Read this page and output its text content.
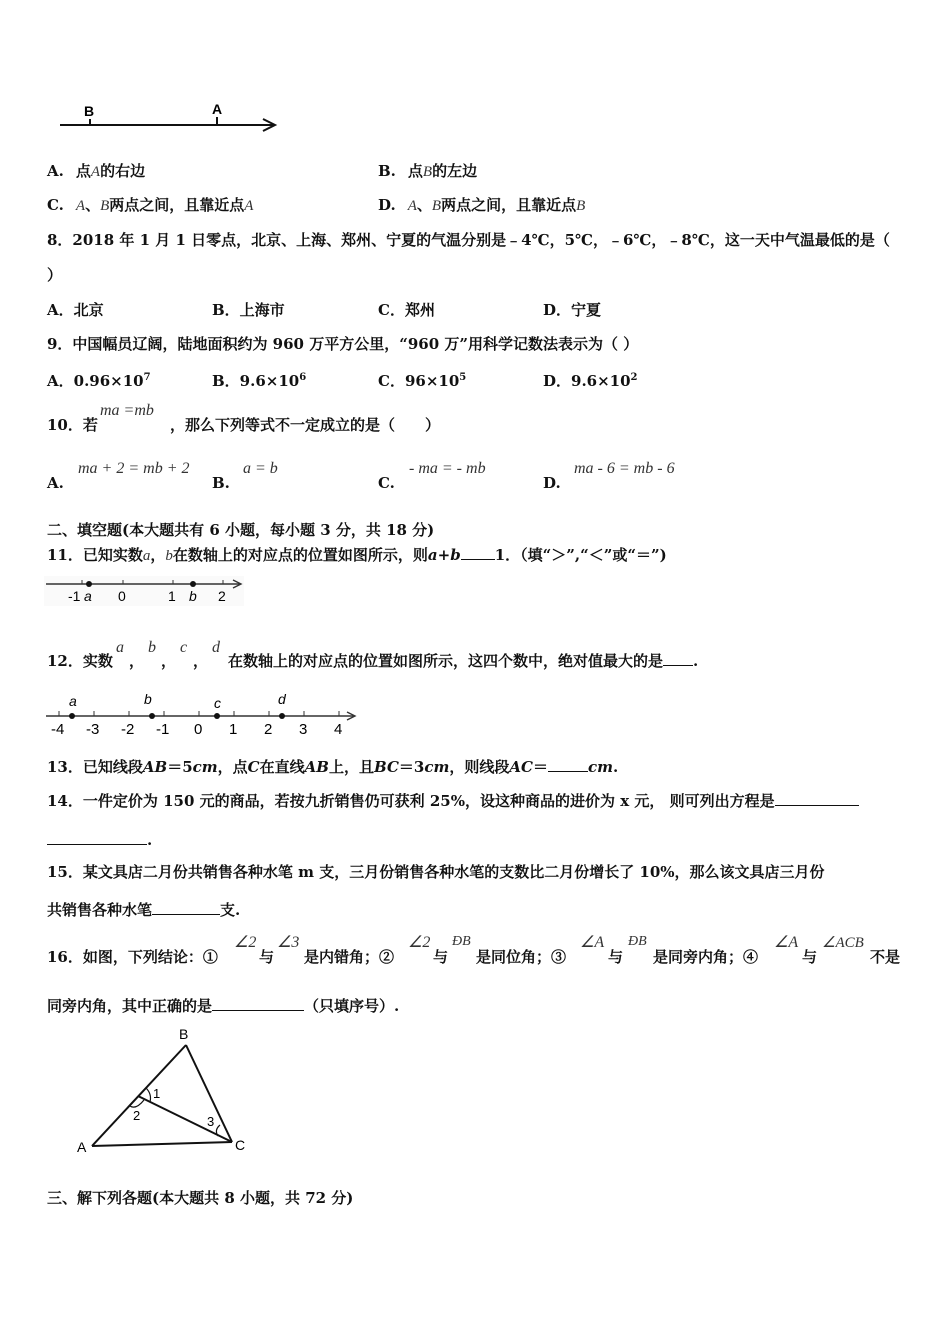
B	A
A. 点A的右边	B. 点B的左边
C. A、B两点之间，且靠近点A	D. A、B两点之间，且靠近点B
8．2018 年 1 月 1 日零点，北京、上海、郑州、宁夏的气温分别是﹣4℃，5℃，﹣6℃，﹣8℃，这一天中气温最低的是（
）
A．北京	B．上海市	C．郑州	D．宁夏
9．中国幅员辽阔，陆地面积约为 960 万平方公里，“960 万”用科学记数法表示为（ ）
A．$0.96\times 10^7$	B．$9.6\times 10^6$	C．$96\times 10^5$	D．$9.6\times 10^2$
10．若
ma =mb
，那么下列等式不一定成立的是（　　）
A.
ma + 2 = mb + 2
B.
a = b
C.
- ma = - mb
D.
ma - 6 = mb - 6
二、填空题(本大题共有 6 小题，每小题 3 分，共 18 分)
11．已知实数a，b在数轴上的对应点的位置如图所示，则a+b 1．（填“＞”,“＜”或“＝”)
-1 a 0	1 b 2
12．实数
a
，
b
，
c
，
d
在数轴上的对应点的位置如图所示，这四个数中，绝对值最大的是 .
a	b	c	d
-4 -3 -2 -1 0 1 2 3 4
13．已知线段AB＝5cm，点C在直线AB上，且BC＝3cm，则线段AC＝	cm.
14．一件定价为 150 元的商品，若按九折销售仍可获利 25%，设这种商品的进价为 x 元， 则可列出方程是
.
15．某文具店二月份共销售各种水笔 m 支，三月份销售各种水笔的支数比二月份增长了 10%，那么该文具店三月份
共销售各种水笔	支.
16．如图，下列结论：①
∠2
与
∠3
是内错角；②
∠2
与
ÐB
是同位角；③
∠A
与
ÐB
是同旁内角；④
∠A
与
∠ACB
不是
同旁内角，其中正确的是	（只填序号）.
A
B
C
1
2	3
三、解下列各题(本大题共 8 小题，共 72 分)
